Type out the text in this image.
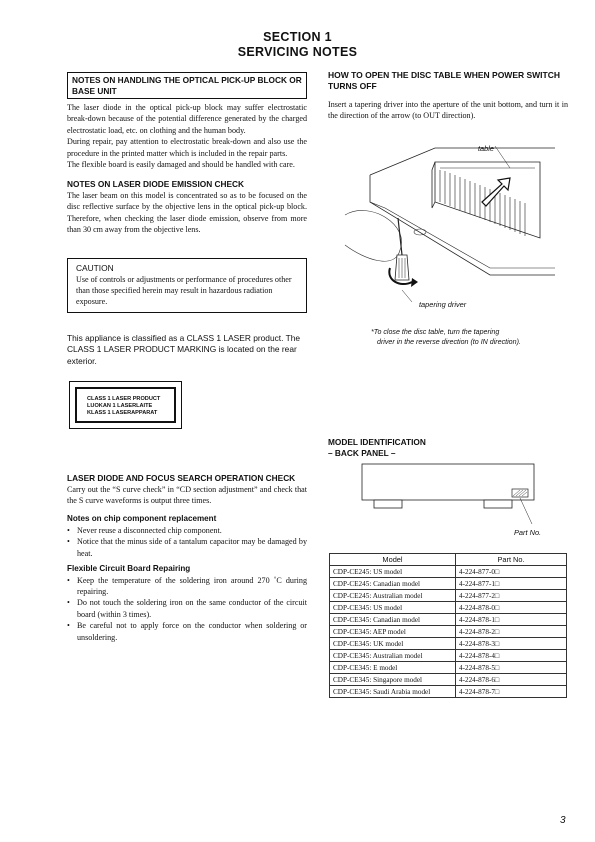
SECTION 1
SERVICING NOTES
NOTES ON HANDLING THE OPTICAL PICK-UP BLOCK OR BASE UNIT
The laser diode in the optical pick-up block may suffer electrostatic break-down because of the potential difference generated by the charged electrostatic load, etc. on clothing and the human body.
During repair, pay attention to electrostatic break-down and also use the procedure in the printed matter which is included in the repair parts.
The flexible board is easily damaged and should be handled with care.
NOTES ON LASER DIODE EMISSION CHECK
The laser beam on this model is concentrated so as to be focused on the disc reflective surface by the objective lens in the optical pick-up block. Therefore, when checking the laser diode emission, observe from more than 30 cm away from the objective lens.
CAUTION
Use of controls or adjustments or performance of procedures other than those specified herein may result in hazardous radiation exposure.
This appliance is classified as a CLASS 1 LASER product. The CLASS 1 LASER PRODUCT MARKING is located on the rear exterior.
CLASS 1 LASER PRODUCT
LUOKAN 1 LASERLAITE
KLASS 1 LASERAPPARAT
LASER DIODE AND FOCUS SEARCH OPERATION CHECK
Carry out the “S curve check” in “CD section adjustment” and check that the S curve waveforms is output three times.
Notes on chip component replacement
• Never reuse a disconnected chip component.
• Notice that the minus side of a tantalum capacitor may be damaged by heat.
Flexible Circuit Board Repairing
• Keep the temperature of the soldering iron around 270 ˚C during repairing.
• Do not touch the soldering iron on the same conductor of the circuit board (within 3 times).
• Be careful not to apply force on the conductor when soldering or unsoldering.
HOW TO OPEN THE DISC TABLE WHEN POWER SWITCH TURNS OFF
Insert a tapering driver into the aperture of the unit bottom, and turn it in the direction of the arrow (to OUT direction).
table
tapering driver
*To close the disc table, turn the tapering
driver in the reverse direction (to IN direction).
MODEL IDENTIFICATION
– BACK PANEL –
Part No.
Model	Part No.
CDP-CE245: US model	4-224-877-0□
CDP-CE245: Canadian model	4-224-877-1□
CDP-CE245: Australian model	4-224-877-2□
CDP-CE345: US model	4-224-878-0□
CDP-CE345: Canadian model	4-224-878-1□
CDP-CE345: AEP model	4-224-878-2□
CDP-CE345: UK model	4-224-878-3□
CDP-CE345: Australian model	4-224-878-4□
CDP-CE345: E model	4-224-878-5□
CDP-CE345: Singapore model	4-224-878-6□
CDP-CE345: Saudi Arabia model	4-224-878-7□
3
